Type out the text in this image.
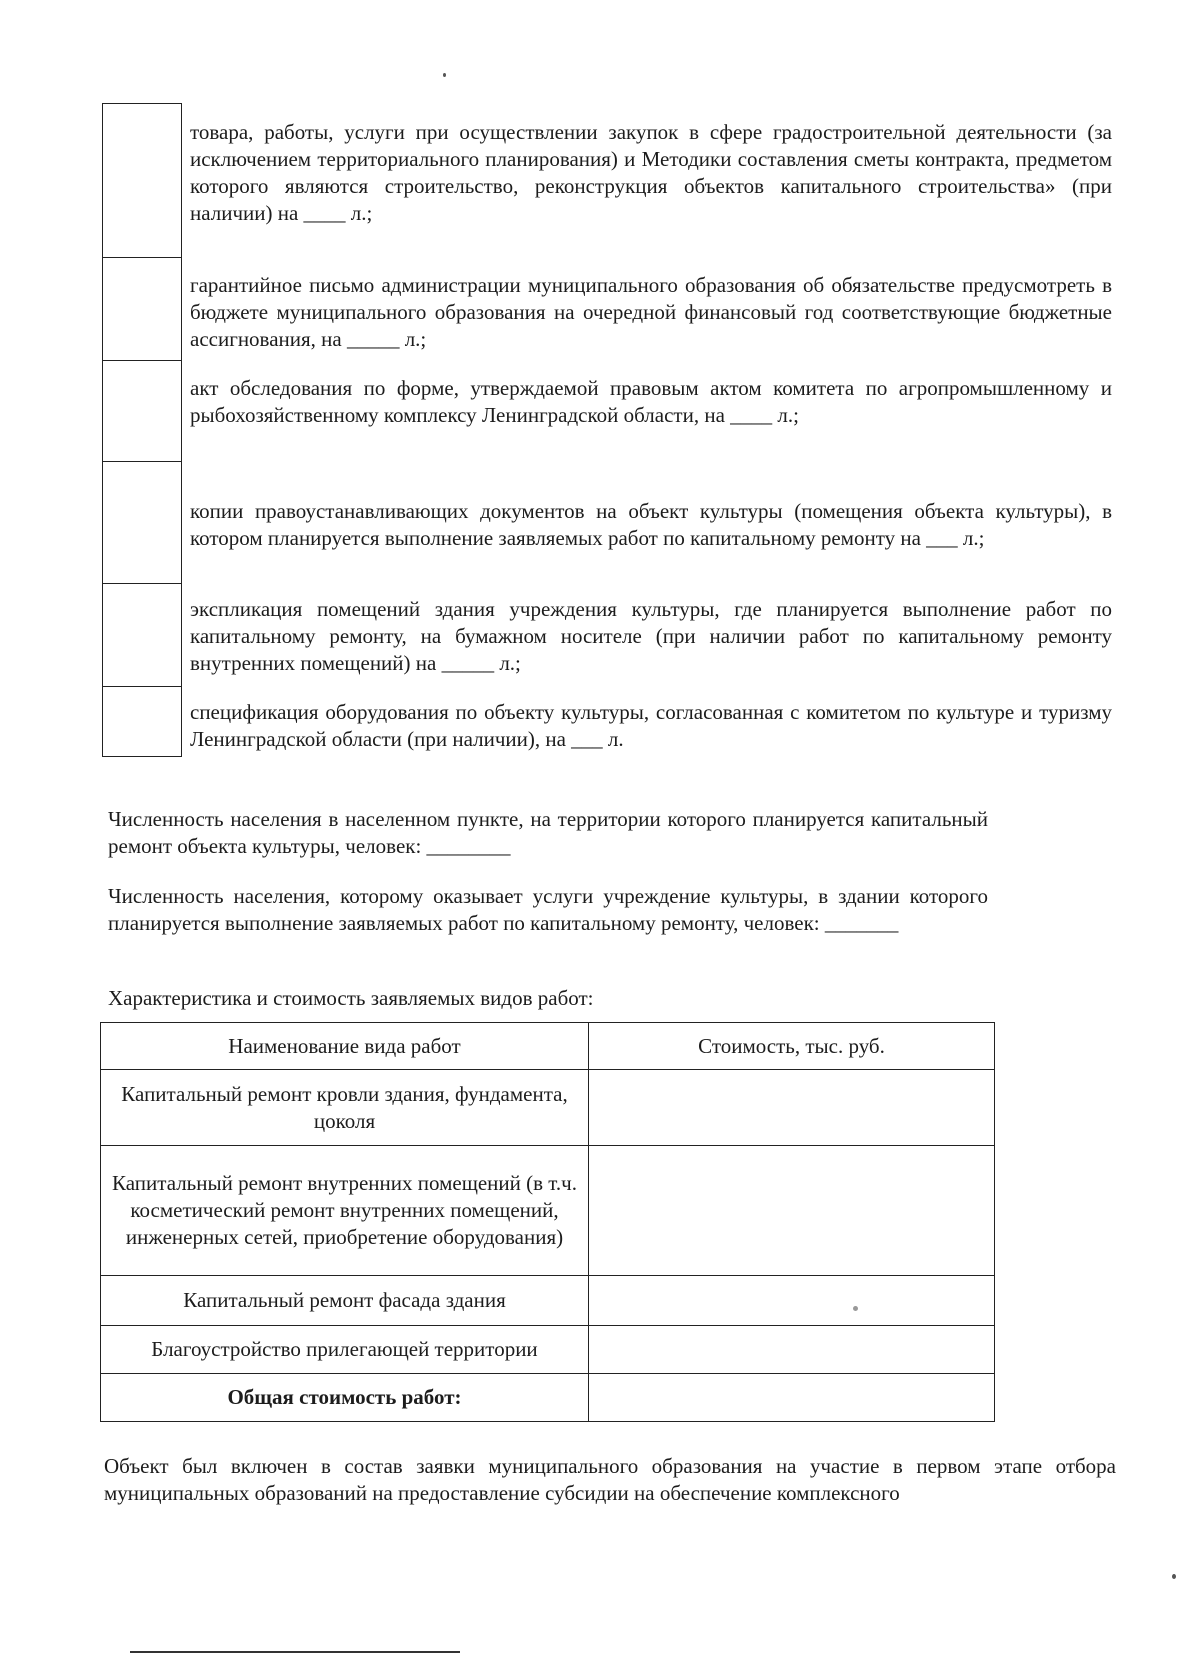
товара, работы, услуги при осуществлении закупок в сфере градостроительной деятельности (за исключением территориального планирования) и Методики составления сметы контракта, предметом которого являются строительство, реконструкция объектов капитального строительства» (при наличии) на ____ л.;
гарантийное письмо администрации муниципального образования об обязательстве предусмотреть в бюджете муниципального образования на очередной финансовый год соответствующие бюджетные ассигнования, на _____ л.;
акт обследования по форме, утверждаемой правовым актом комитета по агропромышленному и рыбохозяйственному комплексу Ленинградской области, на ____ л.;
копии правоустанавливающих документов на объект культуры (помещения объекта культуры), в котором планируется выполнение заявляемых работ по капитальному ремонту на ___ л.;
экспликация помещений здания учреждения культуры, где планируется выполнение работ по капитальному ремонту, на бумажном носителе (при наличии работ по капитальному ремонту внутренних помещений) на _____ л.;
спецификация оборудования по объекту культуры, согласованная с комитетом по культуре и туризму Ленинградской области (при наличии), на ___ л.
Численность населения в населенном пункте, на территории которого планируется капитальный ремонт объекта культуры, человек: ________
Численность населения, которому оказывает услуги учреждение культуры, в здании которого планируется выполнение заявляемых работ по капитальному ремонту, человек: _______
Характеристика и стоимость заявляемых видов работ:
Наименование вида работ	Стоимость, тыс. руб.
Капитальный ремонт кровли здания, фундамента, цоколя	
Капитальный ремонт внутренних помещений (в т.ч. косметический ремонт внутренних помещений, инженерных сетей, приобретение оборудования)	
Капитальный ремонт фасада здания	
Благоустройство прилегающей территории	
Общая стоимость работ:	
Объект был включен в состав заявки муниципального образования на участие в первом этапе отбора муниципальных образований на предоставление субсидии на обеспечение комплексного
